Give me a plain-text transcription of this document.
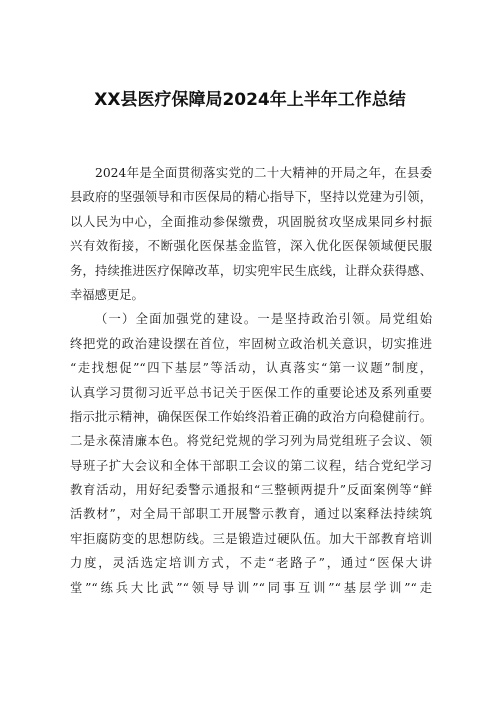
XX县医疗保障局2024年上半年工作总结
2024年是全面贯彻落实党的二十大精神的开局之年，在县委
县政府的坚强领导和市医保局的精心指导下，坚持以党建为引领，
以人民为中心，全面推动参保缴费，巩固脱贫攻坚成果同乡村振
兴有效衔接，不断强化医保基金监管，深入优化医保领域便民服
务，持续推进医疗保障改革，切实兜牢民生底线，让群众获得感、
幸福感更足。
（一）全面加强党的建设。一是坚持政治引领。局党组始
终把党的政治建设摆在首位，牢固树立政治机关意识，切实推进
“走找想促”“四下基层”等活动，认真落实“第一议题”制度，
认真学习贯彻习近平总书记关于医保工作的重要论述及系列重要
指示批示精神，确保医保工作始终沿着正确的政治方向稳健前行。
二是永葆清廉本色。将党纪党规的学习列为局党组班子会议、领
导班子扩大会议和全体干部职工会议的第二议程，结合党纪学习
教育活动，用好纪委警示通报和“三整顿两提升”反面案例等“鲜
活教材”，对全局干部职工开展警示教育，通过以案释法持续筑
牢拒腐防变的思想防线。三是锻造过硬队伍。加大干部教育培训
力度，灵活选定培训方式，不走“老路子”，通过“医保大讲
堂”“练兵大比武”“领导导训”“同事互训”“基层学训”“走
